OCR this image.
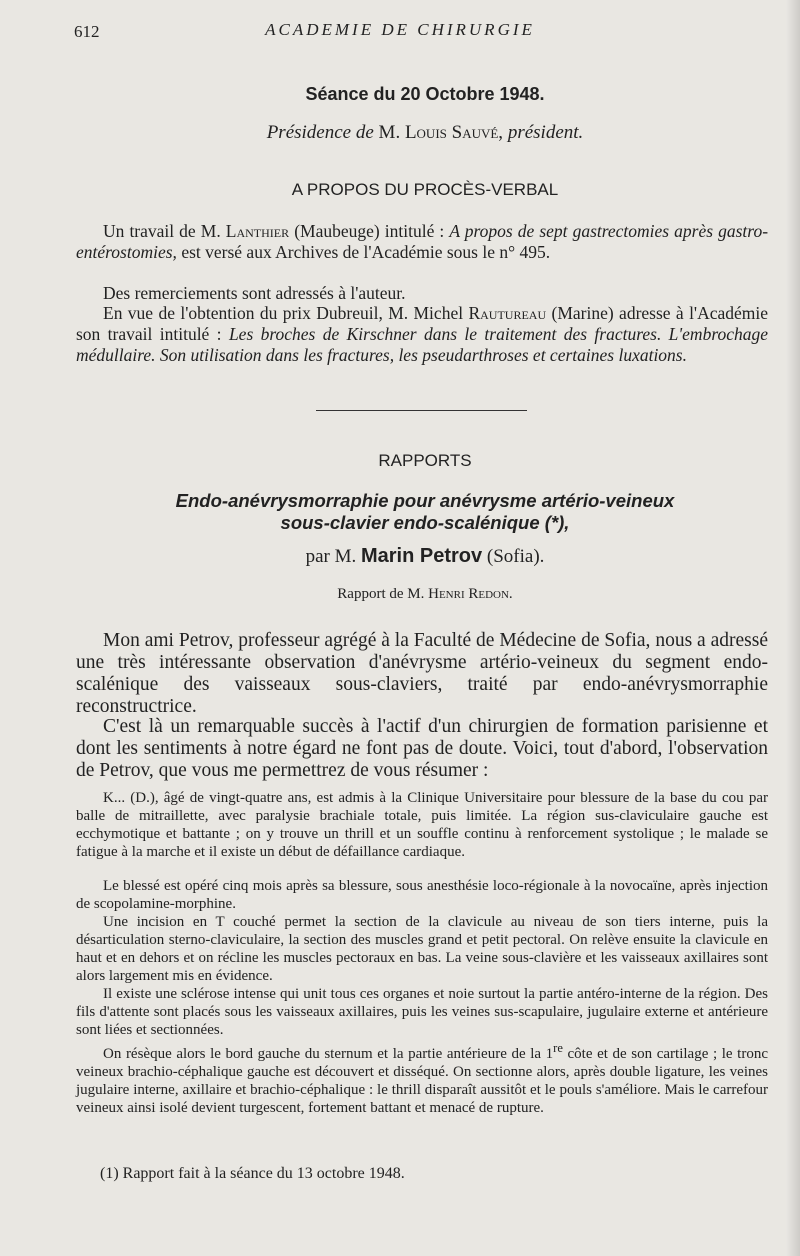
612	ACADEMIE DE CHIRURGIE
Séance du 20 Octobre 1948.
Présidence de M. Louis Sauvé, président.
A PROPOS DU PROCÈS-VERBAL
Un travail de M. Lanthier (Maubeuge) intitulé : A propos de sept gastrectomies après gastro-entérostomies, est versé aux Archives de l'Académie sous le n° 495.
Des remerciements sont adressés à l'auteur.
En vue de l'obtention du prix Dubreuil, M. Michel Rautureau (Marine) adresse à l'Académie son travail intitulé : Les broches de Kirschner dans le traitement des fractures. L'embrochage médullaire. Son utilisation dans les fractures, les pseudarthroses et certaines luxations.
RAPPORTS
Endo-anévrysmorraphie pour anévrysme artério-veineux
sous-clavier endo-scalénique (*),
par M. Marin Petrov (Sofia).
Rapport de M. Henri Redon.
Mon ami Petrov, professeur agrégé à la Faculté de Médecine de Sofia, nous a adressé une très intéressante observation d'anévrysme artério-veineux du segment endo-scalénique des vaisseaux sous-claviers, traité par endo-anévrysmorraphie reconstructrice.
C'est là un remarquable succès à l'actif d'un chirurgien de formation parisienne et dont les sentiments à notre égard ne font pas de doute. Voici, tout d'abord, l'observation de Petrov, que vous me permettrez de vous résumer :
K... (D.), âgé de vingt-quatre ans, est admis à la Clinique Universitaire pour blessure de la base du cou par balle de mitraillette, avec paralysie brachiale totale, puis limitée. La région sus-claviculaire gauche est ecchymotique et battante ; on y trouve un thrill et un souffle continu à renforcement systolique ; le malade se fatigue à la marche et il existe un début de défaillance cardiaque.
Le blessé est opéré cinq mois après sa blessure, sous anesthésie loco-régionale à la novocaïne, après injection de scopolamine-morphine.
Une incision en T couché permet la section de la clavicule au niveau de son tiers interne, puis la désarticulation sterno-claviculaire, la section des muscles grand et petit pectoral. On relève ensuite la clavicule en haut et en dehors et on récline les muscles pectoraux en bas. La veine sous-clavière et les vaisseaux axillaires sont alors largement mis en évidence.
Il existe une sclérose intense qui unit tous ces organes et noie surtout la partie antéro-interne de la région. Des fils d'attente sont placés sous les vaisseaux axillaires, puis les veines sus-scapulaire, jugulaire externe et antérieure sont liées et sectionnées.
On résèque alors le bord gauche du sternum et la partie antérieure de la 1re côte et de son cartilage ; le tronc veineux brachio-céphalique gauche est découvert et disséqué. On sectionne alors, après double ligature, les veines jugulaire interne, axillaire et brachio-céphalique : le thrill disparaît aussitôt et le pouls s'améliore. Mais le carrefour veineux ainsi isolé devient turgescent, fortement battant et menacé de rupture.
(1) Rapport fait à la séance du 13 octobre 1948.
